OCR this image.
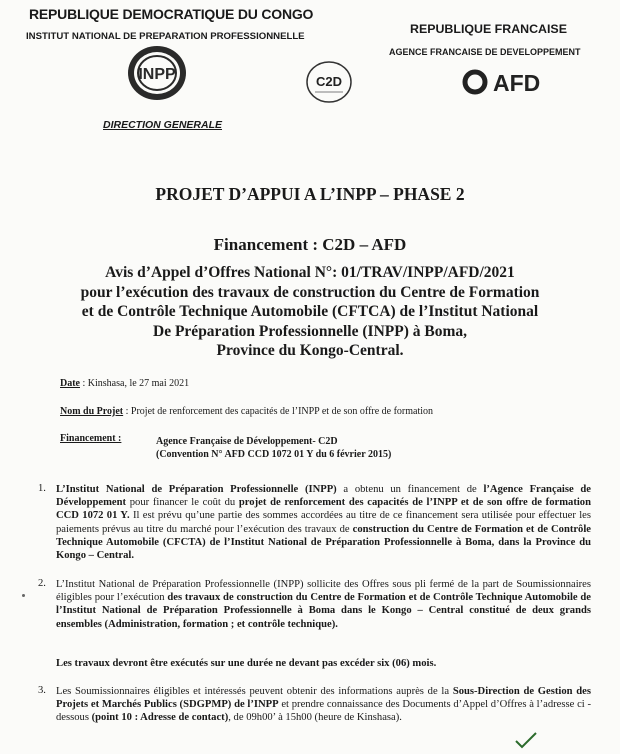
REPUBLIQUE DEMOCRATIQUE DU CONGO
INSTITUT NATIONAL DE PREPARATION PROFESSIONNELLE
INPP
DIRECTION GENERALE
C2D
REPUBLIQUE FRANCAISE
AGENCE FRANCAISE DE DEVELOPPEMENT
AFD
PROJET D’APPUI A L’INPP – PHASE 2
Financement : C2D – AFD
Avis d’Appel d’Offres National N°: 01/TRAV/INPP/AFD/2021
pour l’exécution des travaux de construction du Centre de Formation
et de Contrôle Technique Automobile (CFTCA) de l’Institut National
De Préparation Professionnelle (INPP) à Boma,
Province du Kongo-Central.
Date : Kinshasa, le 27 mai 2021
Nom du Projet : Projet de renforcement des capacités de l’INPP et de son offre de formation
Financement :	Agence Française de Développement- C2D
(Convention N° AFD CCD 1072 01 Y du 6 février 2015)
1. L’Institut National de Préparation Professionnelle (INPP) a obtenu un financement de l’Agence Française de Développement pour financer le coût du projet de renforcement des capacités de l’INPP et de son offre de formation CCD 1072 01 Y. Il est prévu qu’une partie des sommes accordées au titre de ce financement sera utilisée pour effectuer les paiements prévus au titre du marché pour l’exécution des travaux de construction du Centre de Formation et de Contrôle Technique Automobile (CFCTA) de l’Institut National de Préparation Professionnelle à Boma, dans la Province du Kongo – Central.
2. L’Institut National de Préparation Professionnelle (INPP) sollicite des Offres sous pli fermé de la part de Soumissionnaires éligibles pour l’exécution des travaux de construction du Centre de Formation et de Contrôle Technique Automobile de l’Institut National de Préparation Professionnelle à Boma dans le Kongo – Central constitué de deux grands ensembles (Administration, formation ; et contrôle technique).
Les travaux devront être exécutés sur une durée ne devant pas excéder six (06) mois.
3. Les Soumissionnaires éligibles et intéressés peuvent obtenir des informations auprès de la Sous-Direction de Gestion des Projets et Marchés Publics (SDGPMP) de l’INPP et prendre connaissance des Documents d’Appel d’Offres à l’adresse ci -dessous (point 10 : Adresse de contact), de 09h00’ à 15h00 (heure de Kinshasa).
